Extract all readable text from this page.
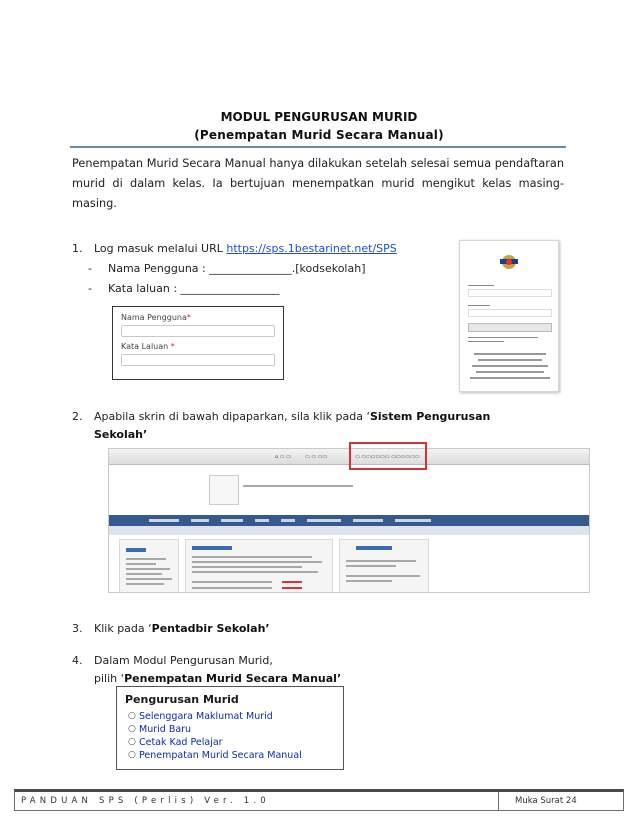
MODUL PENGURUSAN MURID
(Penempatan Murid Secara Manual)

Penempatan Murid Secara Manual hanya dilakukan setelah selesai semua pendaftaran murid di dalam kelas. Ia bertujuan menempatkan murid mengikut kelas masing-masing.

1. Log masuk melalui URL https://sps.1bestarinet.net/SPS
- Nama Pengguna : _______________.[kodsekolah]
- Kata laluan : __________________
Nama Pengguna*
Kata Laluan *
2. Apabila skrin di bawah dipaparkan, sila klik pada ‘Sistem Pengurusan
Sekolah’
⌂ ▭ ▭	▭ ▭ ▭▭	▭ ▭▭▭▭▭▭ ▭▭▭▭▭▭
3. Klik pada ‘Pentadbir Sekolah’
4. Dalam Modul Pengurusan Murid,
pilih ‘Penempatan Murid Secara Manual’
Pengurusan Murid
○ Selenggara Maklumat Murid
○ Murid Baru
○ Cetak Kad Pelajar
○ Penempatan Murid Secara Manual
PANDUAN SPS (Perlis) Ver. 1.0	Muka Surat 24
